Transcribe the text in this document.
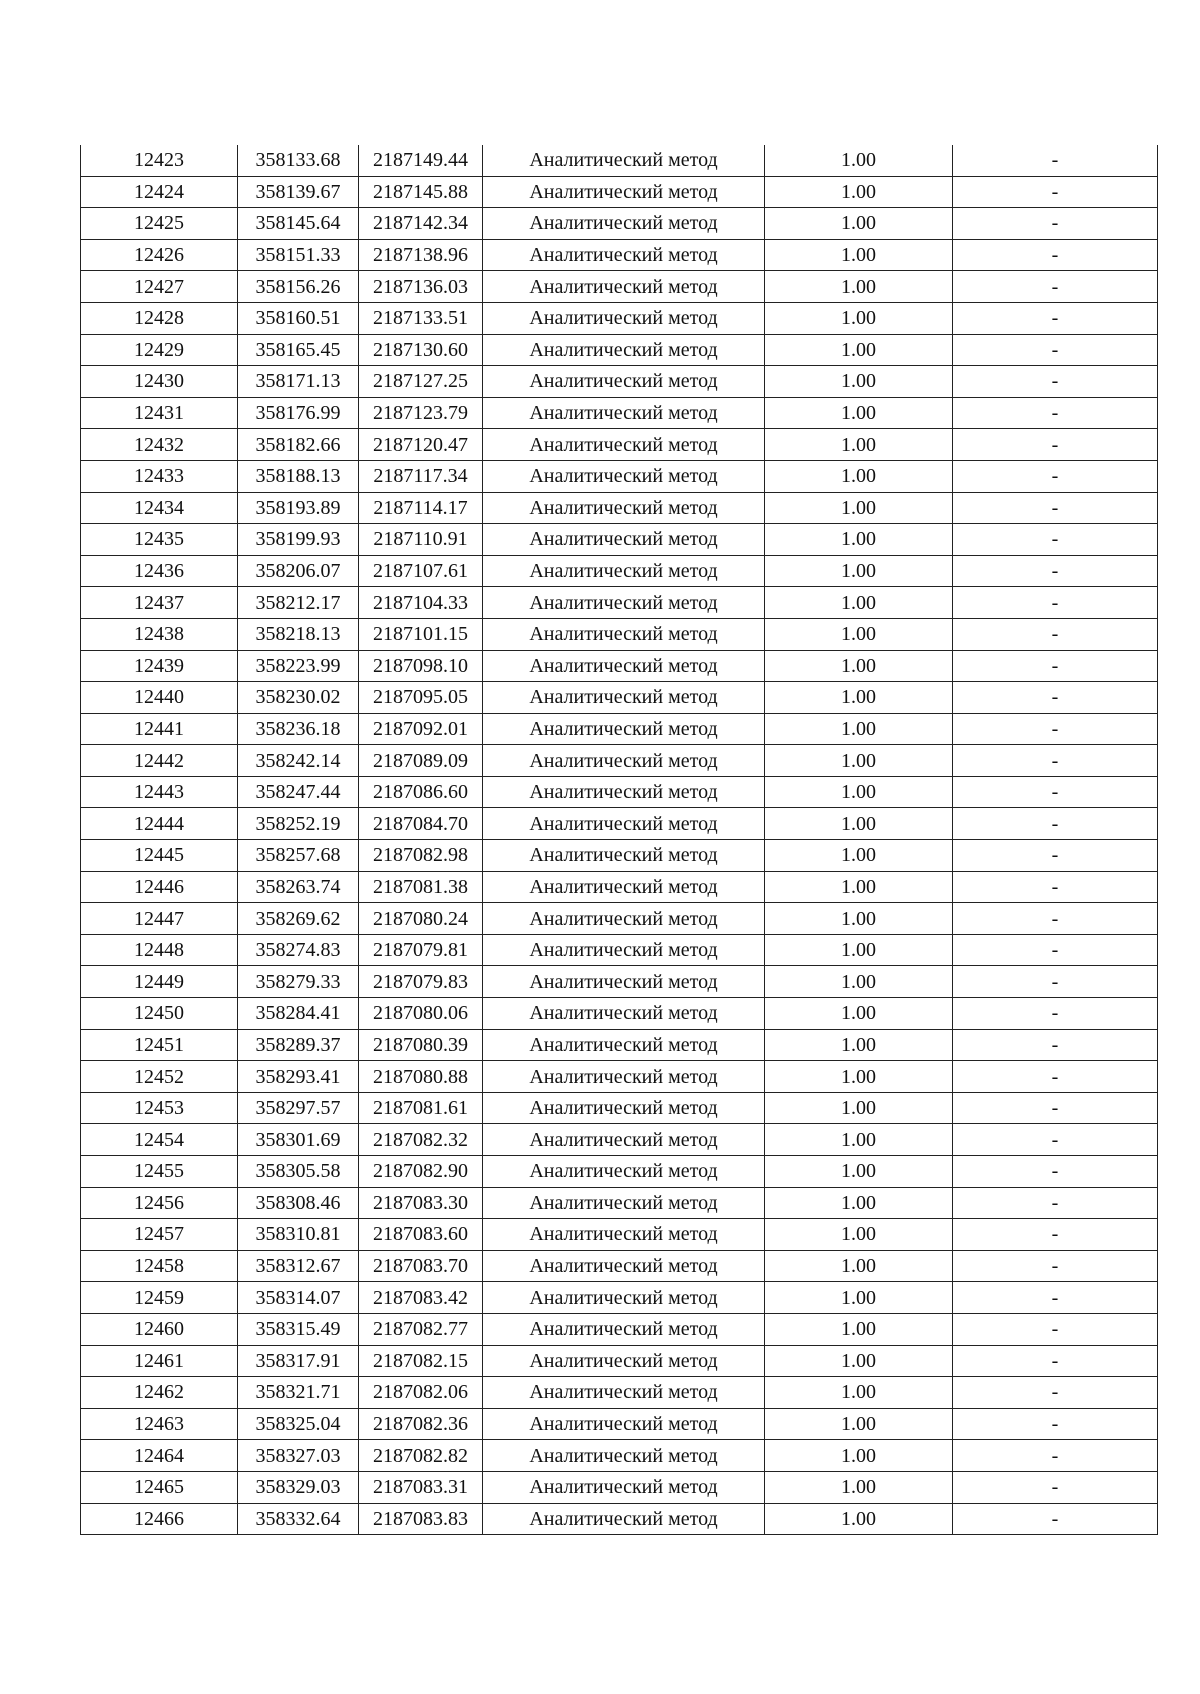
12423	358133.68	2187149.44	Аналитический метод	1.00	-
12424	358139.67	2187145.88	Аналитический метод	1.00	-
12425	358145.64	2187142.34	Аналитический метод	1.00	-
12426	358151.33	2187138.96	Аналитический метод	1.00	-
12427	358156.26	2187136.03	Аналитический метод	1.00	-
12428	358160.51	2187133.51	Аналитический метод	1.00	-
12429	358165.45	2187130.60	Аналитический метод	1.00	-
12430	358171.13	2187127.25	Аналитический метод	1.00	-
12431	358176.99	2187123.79	Аналитический метод	1.00	-
12432	358182.66	2187120.47	Аналитический метод	1.00	-
12433	358188.13	2187117.34	Аналитический метод	1.00	-
12434	358193.89	2187114.17	Аналитический метод	1.00	-
12435	358199.93	2187110.91	Аналитический метод	1.00	-
12436	358206.07	2187107.61	Аналитический метод	1.00	-
12437	358212.17	2187104.33	Аналитический метод	1.00	-
12438	358218.13	2187101.15	Аналитический метод	1.00	-
12439	358223.99	2187098.10	Аналитический метод	1.00	-
12440	358230.02	2187095.05	Аналитический метод	1.00	-
12441	358236.18	2187092.01	Аналитический метод	1.00	-
12442	358242.14	2187089.09	Аналитический метод	1.00	-
12443	358247.44	2187086.60	Аналитический метод	1.00	-
12444	358252.19	2187084.70	Аналитический метод	1.00	-
12445	358257.68	2187082.98	Аналитический метод	1.00	-
12446	358263.74	2187081.38	Аналитический метод	1.00	-
12447	358269.62	2187080.24	Аналитический метод	1.00	-
12448	358274.83	2187079.81	Аналитический метод	1.00	-
12449	358279.33	2187079.83	Аналитический метод	1.00	-
12450	358284.41	2187080.06	Аналитический метод	1.00	-
12451	358289.37	2187080.39	Аналитический метод	1.00	-
12452	358293.41	2187080.88	Аналитический метод	1.00	-
12453	358297.57	2187081.61	Аналитический метод	1.00	-
12454	358301.69	2187082.32	Аналитический метод	1.00	-
12455	358305.58	2187082.90	Аналитический метод	1.00	-
12456	358308.46	2187083.30	Аналитический метод	1.00	-
12457	358310.81	2187083.60	Аналитический метод	1.00	-
12458	358312.67	2187083.70	Аналитический метод	1.00	-
12459	358314.07	2187083.42	Аналитический метод	1.00	-
12460	358315.49	2187082.77	Аналитический метод	1.00	-
12461	358317.91	2187082.15	Аналитический метод	1.00	-
12462	358321.71	2187082.06	Аналитический метод	1.00	-
12463	358325.04	2187082.36	Аналитический метод	1.00	-
12464	358327.03	2187082.82	Аналитический метод	1.00	-
12465	358329.03	2187083.31	Аналитический метод	1.00	-
12466	358332.64	2187083.83	Аналитический метод	1.00	-
